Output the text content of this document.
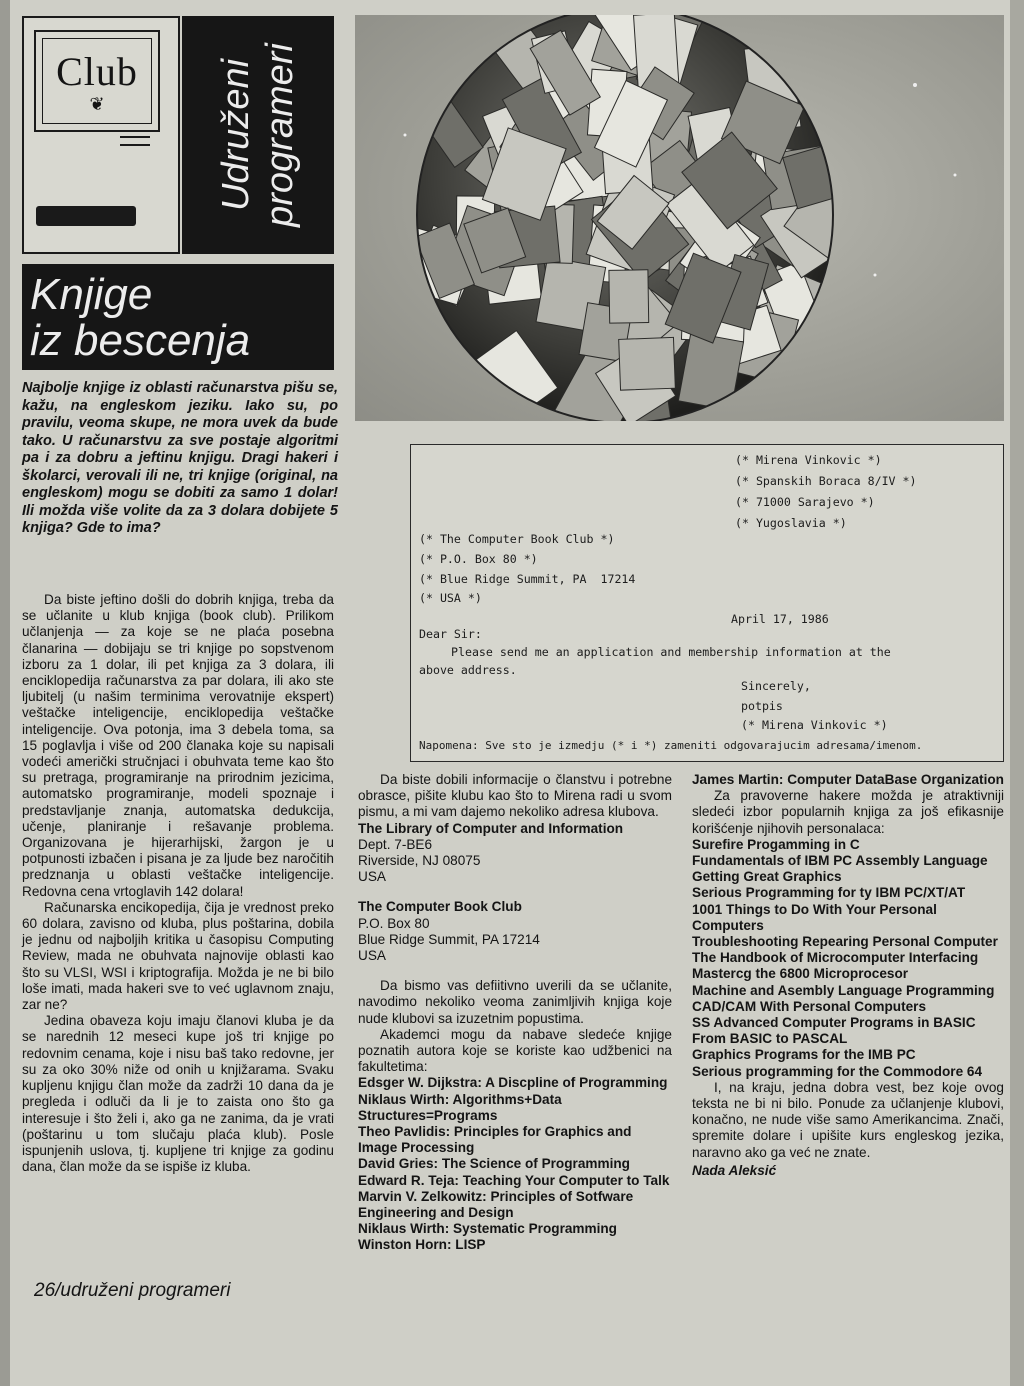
Club
❦	Udruženi programeri
Knjige
iz bescenja
Najbolje knjige iz oblasti računarstva pišu se, kažu, na engleskom jeziku. Iako su, po pravilu, veoma skupe, ne mora uvek da bude tako. U računarstvu za sve postaje algoritmi pa i za dobru a jeftinu knjigu. Dragi hakeri i školarci, verovali ili ne, tri knjige (original, na engleskom) mogu se dobiti za samo 1 dolar! Ili možda više volite da za 3 dolara dobijete 5 knjiga? Gde to ima?

Da biste jeftino došli do dobrih knjiga, treba da se učlanite u klub knjiga (book club). Prilikom učlanjenja — za koje se ne plaća posebna članarina — dobijaju se tri knjige po sopstvenom izboru za 1 dolar, ili pet knjiga za 3 dolara, ili enciklopedija računarstva za par dolara, ili ako ste ljubitelj (u našim terminima verovatnije ekspert) veštačke inteligencije, enciklopedija veštačke inteligencije. Ova potonja, ima 3 debela toma, sa 15 poglavlja i više od 200 članaka koje su napisali vodeći američki stručnjaci i obuhvata teme kao što su pretraga, programiranje na prirodnim jezicima, automatsko programiranje, modeli spoznaje i predstavljanje znanja, automatska dedukcija, učenje, planiranje i rešavanje problema. Organizovana je hijerarhijski, žargon je u potpunosti izbačen i pisana je za ljude bez naročitih predznanja u oblasti veštačke inteligencije. Redovna cena vrtoglavih 142 dolara!

Računarska encikopedija, čija je vrednost preko 60 dolara, zavisno od kluba, plus poštarina, dobila je jednu od najboljih kritika u časopisu Computing Review, mada ne obuhvata najnovije oblasti kao što su VLSI, WSI i kriptografija. Možda je ne bi bilo loše imati, mada hakeri sve to već uglavnom znaju, zar ne?

Jedina obaveza koju imaju članovi kluba je da se narednih 12 meseci kupe još tri knjige po redovnim cenama, koje i nisu baš tako redovne, jer su za oko 30% niže od onih u knjižarama. Svaku kupljenu knjigu član može da zadrži 10 dana da je pregleda i odluči da li je to zaista ono što ga interesuje i što želi i, ako ga ne zanima, da je vrati (poštarinu u tom slučaju plaća klub). Posle ispunjenih uslova, tj. kupljene tri knjige za godinu dana, član može da se ispiše iz kluba.

26/udruženi programeri
(* Mirena Vinkovic *)
(* Spanskih Boraca 8/IV *)
(* 71000 Sarajevo *)
(* Yugoslavia *)
(* The Computer Book Club *)
(* P.O. Box 80 *)
(* Blue Ridge Summit, PA  17214
(* USA *)
April 17, 1986
Dear Sir:
Please send me an application and membership information at the
above address.
Sincerely,
potpis
(* Mirena Vinkovic *)
Napomena: Sve sto je izmedju (* i *) zameniti odgovarajucim adresama/imenom.

Da biste dobili informacije o članstvu i potrebne obrasce, pišite klubu kao što to Mirena radi u svom pismu, a mi vam dajemo nekoliko adresa klubova.

The Library of Computer and Information
Dept. 7-BE6
Riverside, NJ 08075
USA
The Computer Book Club
P.O. Box 80
Blue Ridge Summit, PA 17214
USA

Da bismo vas defiitivno uverili da se učlanite, navodimo nekoliko veoma zanimljivih knjiga koje nude klubovi sa izuzetnim popustima.

Akademci mogu da nabave sledeće knjige poznatih autora koje se koriste kao udžbenici na fakultetima:

Edsger W. Dijkstra: A Discpline of Programming
Niklaus Wirth: Algorithms+Data Structures=Programs
Theo Pavlidis: Principles for Graphics and Image Processing
David Gries: The Science of Programming
Edward R. Teja: Teaching Your Computer to Talk
Marvin V. Zelkowitz: Principles of Sotfware Engineering and Design
Niklaus Wirth: Systematic Programming
Winston Horn: LISP
James Martin: Computer DataBase Organization

Za pravoverne hakere možda je atraktivniji sledeći izbor popularnih knjiga za još efikasnije korišćenje njihovih personalaca:

Surefire Progamming in C
Fundamentals of IBM PC Assembly Language
Getting Great Graphics
Serious Programming for ty IBM PC/XT/AT
1001 Things to Do With Your Personal Computers
Troubleshooting Repearing Personal Computer
The Handbook of Microcomputer Interfacing
Mastercg the 6800 Microprocesor
Machine and Asembly Language Programming
CAD/CAM With Personal Computers
SS Advanced Computer Programs in BASIC
From BASIC to PASCAL
Graphics Programs for the IMB PC
Serious programming for the Commodore 64

I, na kraju, jedna dobra vest, bez koje ovog teksta ne bi ni bilo. Ponude za učlanjenje klubovi, konačno, ne nude više samo Amerikancima. Znači, spremite dolare i upišite kurs engleskog jezika, naravno ako ga već ne znate.

Nada Aleksić
